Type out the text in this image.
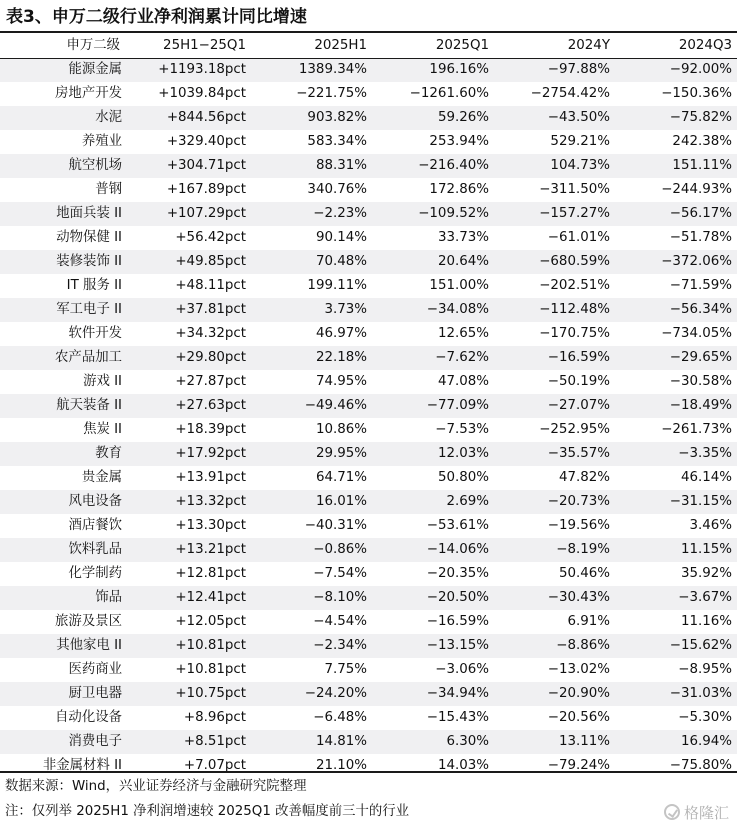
表3、申万二级行业净利润累计同比增速
申万二级	25H1−25Q1	2025H1	2025Q1	2024Y	2024Q3
能源金属	+1193.18pct	1389.34%	196.16%	−97.88%	−92.00%
房地产开发	+1039.84pct	−221.75%	−1261.60%	−2754.42%	−150.36%
水泥	+844.56pct	903.82%	59.26%	−43.50%	−75.82%
养殖业	+329.40pct	583.34%	253.94%	529.21%	242.38%
航空机场	+304.71pct	88.31%	−216.40%	104.73%	151.11%
普钢	+167.89pct	340.76%	172.86%	−311.50%	−244.93%
地面兵装 II	+107.29pct	−2.23%	−109.52%	−157.27%	−56.17%
动物保健 II	+56.42pct	90.14%	33.73%	−61.01%	−51.78%
装修装饰 II	+49.85pct	70.48%	20.64%	−680.59%	−372.06%
IT 服务 II	+48.11pct	199.11%	151.00%	−202.51%	−71.59%
军工电子 II	+37.81pct	3.73%	−34.08%	−112.48%	−56.34%
软件开发	+34.32pct	46.97%	12.65%	−170.75%	−734.05%
农产品加工	+29.80pct	22.18%	−7.62%	−16.59%	−29.65%
游戏 II	+27.87pct	74.95%	47.08%	−50.19%	−30.58%
航天装备 II	+27.63pct	−49.46%	−77.09%	−27.07%	−18.49%
焦炭 II	+18.39pct	10.86%	−7.53%	−252.95%	−261.73%
教育	+17.92pct	29.95%	12.03%	−35.57%	−3.35%
贵金属	+13.91pct	64.71%	50.80%	47.82%	46.14%
风电设备	+13.32pct	16.01%	2.69%	−20.73%	−31.15%
酒店餐饮	+13.30pct	−40.31%	−53.61%	−19.56%	3.46%
饮料乳品	+13.21pct	−0.86%	−14.06%	−8.19%	11.15%
化学制药	+12.81pct	−7.54%	−20.35%	50.46%	35.92%
饰品	+12.41pct	−8.10%	−20.50%	−30.43%	−3.67%
旅游及景区	+12.05pct	−4.54%	−16.59%	6.91%	11.16%
其他家电 II	+10.81pct	−2.34%	−13.15%	−8.86%	−15.62%
医药商业	+10.81pct	7.75%	−3.06%	−13.02%	−8.95%
厨卫电器	+10.75pct	−24.20%	−34.94%	−20.90%	−31.03%
自动化设备	+8.96pct	−6.48%	−15.43%	−20.56%	−5.30%
消费电子	+8.51pct	14.81%	6.30%	13.11%	16.94%
非金属材料 II	+7.07pct	21.10%	14.03%	−79.24%	−75.80%
数据来源：Wind，兴业证券经济与金融研究院整理
注：仅列举 2025H1 净利润增速较 2025Q1 改善幅度前三十的行业	格隆汇
